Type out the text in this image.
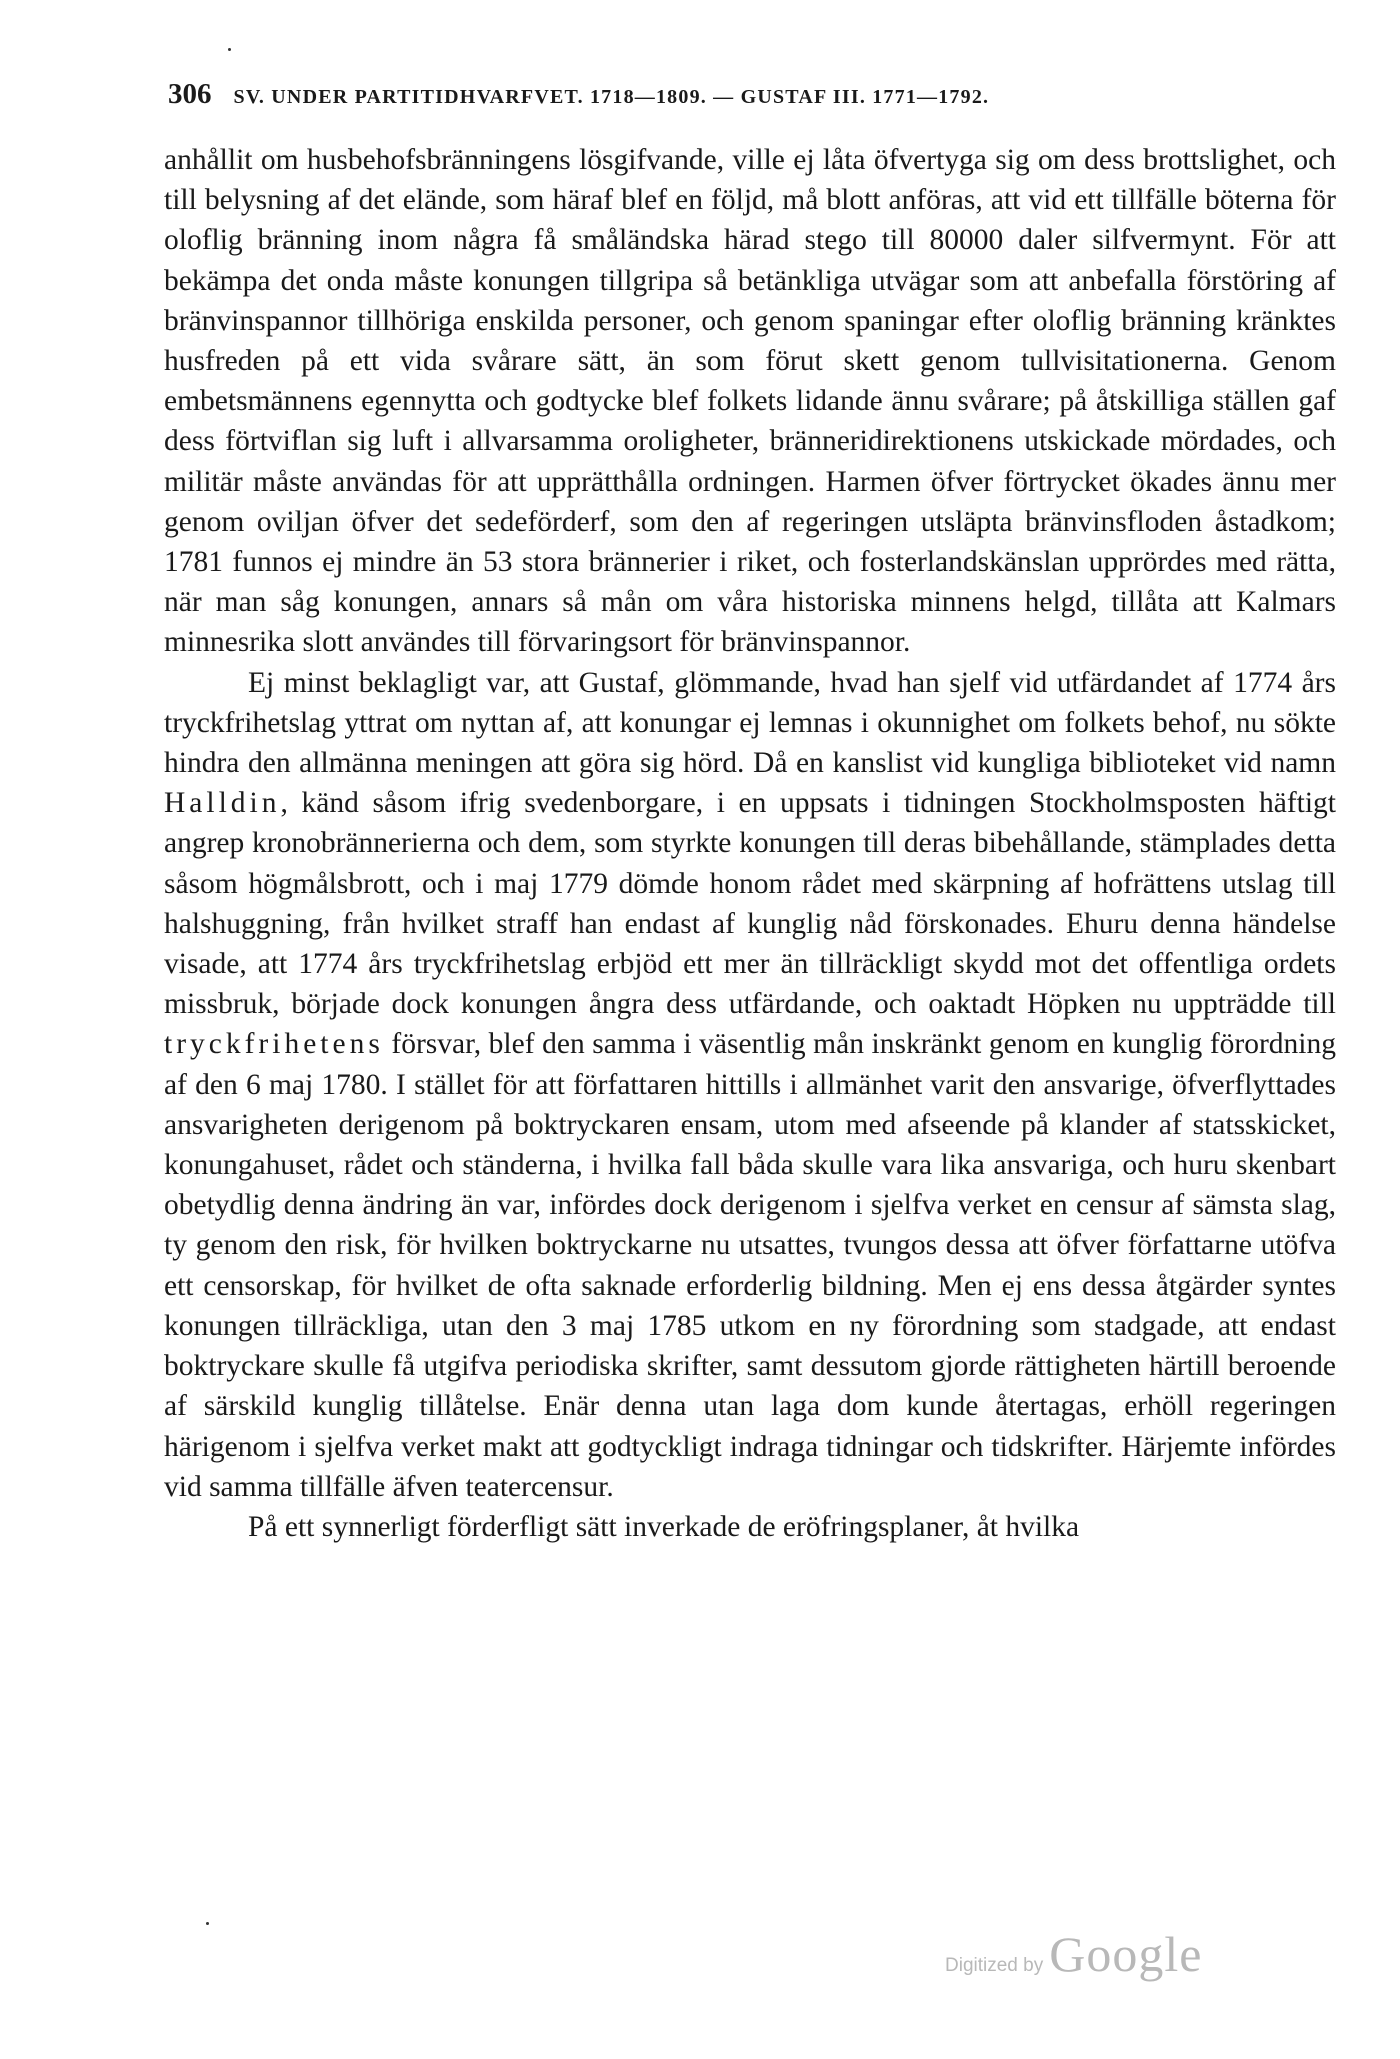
306 SV. UNDER PARTITIDHVARFVET. 1718—1809. — GUSTAF III. 1771—1792.

anhållit om husbehofsbränningens lösgifvande, ville ej låta öfvertyga sig om dess brottslighet, och till belysning af det elände, som häraf blef en följd, må blott anföras, att vid ett tillfälle böterna för oloflig bränning inom några få småländska härad stego till 80000 daler silfvermynt. För att bekämpa det onda måste konungen tillgripa så betänkliga utvägar som att anbefalla förstöring af bränvinspannor tillhöriga enskilda personer, och genom spaningar efter oloflig bränning kränktes husfreden på ett vida svårare sätt, än som förut skett genom tullvisitationerna. Genom embetsmännens egennytta och godtycke blef folkets lidande ännu svårare; på åtskilliga ställen gaf dess förtviflan sig luft i allvarsamma oroligheter, bränneridirektionens utskickade mördades, och militär måste användas för att upprätthålla ordningen. Harmen öfver förtrycket ökades ännu mer genom oviljan öfver det sedeförderf, som den af regeringen utsläpta bränvinsfloden åstadkom; 1781 funnos ej mindre än 53 stora brännerier i riket, och fosterlandskänslan upprördes med rätta, när man såg konungen, annars så mån om våra historiska minnens helgd, tillåta att Kalmars minnesrika slott användes till förvaringsort för bränvinspannor.

Ej minst beklagligt var, att Gustaf, glömmande, hvad han sjelf vid utfärdandet af 1774 års tryckfrihetslag yttrat om nyttan af, att konungar ej lemnas i okunnighet om folkets behof, nu sökte hindra den allmänna meningen att göra sig hörd. Då en kanslist vid kungliga biblioteket vid namn Halldin, känd såsom ifrig svedenborgare, i en uppsats i tidningen Stockholmsposten häftigt angrep kronobrännerierna och dem, som styrkte konungen till deras bibehållande, stämplades detta såsom högmålsbrott, och i maj 1779 dömde honom rådet med skärpning af hofrättens utslag till halshuggning, från hvilket straff han endast af kunglig nåd förskonades. Ehuru denna händelse visade, att 1774 års tryckfrihetslag erbjöd ett mer än tillräckligt skydd mot det offentliga ordets missbruk, började dock konungen ångra dess utfärdande, och oaktadt Höpken nu uppträdde till tryckfrihetens försvar, blef den samma i väsentlig mån inskränkt genom en kunglig förordning af den 6 maj 1780. I stället för att författaren hittills i allmänhet varit den ansvarige, öfverflyttades ansvarigheten derigenom på boktryckaren ensam, utom med afseende på klander af statsskicket, konungahuset, rådet och ständerna, i hvilka fall båda skulle vara lika ansvariga, och huru skenbart obetydlig denna ändring än var, infördes dock derigenom i sjelfva verket en censur af sämsta slag, ty genom den risk, för hvilken boktryckarne nu utsattes, tvungos dessa att öfver författarne utöfva ett censorskap, för hvilket de ofta saknade erforderlig bildning. Men ej ens dessa åtgärder syntes konungen tillräckliga, utan den 3 maj 1785 utkom en ny förordning som stadgade, att endast boktryckare skulle få utgifva periodiska skrifter, samt dessutom gjorde rättigheten härtill beroende af särskild kunglig tillåtelse. Enär denna utan laga dom kunde återtagas, erhöll regeringen härigenom i sjelfva verket makt att godtyckligt indraga tidningar och tidskrifter. Härjemte infördes vid samma tillfälle äfven teatercensur.

På ett synnerligt förderfligt sätt inverkade de eröfringsplaner, åt hvilka

Digitized by Google
